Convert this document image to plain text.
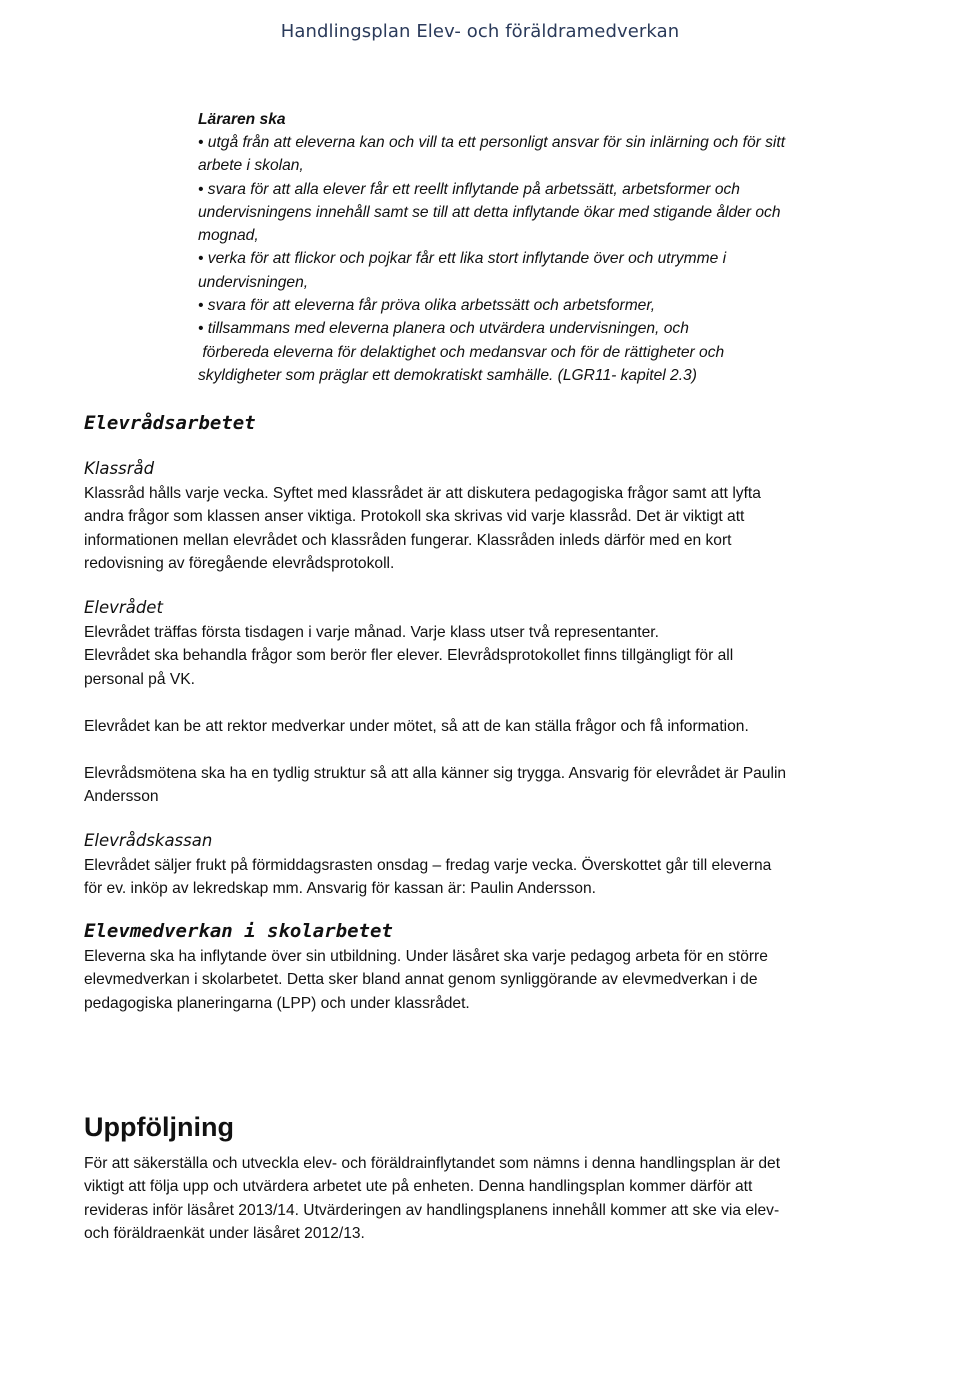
Handlingsplan Elev- och föräldramedverkan
Läraren ska
• utgå från att eleverna kan och vill ta ett personligt ansvar för sin inlärning och för sitt
arbete i skolan,
• svara för att alla elever får ett reellt inflytande på arbetssätt, arbetsformer och
undervisningens innehåll samt se till att detta inflytande ökar med stigande ålder och
mognad,
• verka för att flickor och pojkar får ett lika stort inflytande över och utrymme i
undervisningen,
• svara för att eleverna får pröva olika arbetssätt och arbetsformer,
• tillsammans med eleverna planera och utvärdera undervisningen, och
förbereda eleverna för delaktighet och medansvar och för de rättigheter och
skyldigheter som präglar ett demokratiskt samhälle. (LGR11- kapitel 2.3)
Elevrådsarbetet
Klassråd
Klassråd hålls varje vecka. Syftet med klassrådet är att diskutera pedagogiska frågor samt att lyfta
andra frågor som klassen anser viktiga. Protokoll ska skrivas vid varje klassråd. Det är viktigt att
informationen mellan elevrådet och klassråden fungerar. Klassråden inleds därför med en kort
redovisning av föregående elevrådsprotokoll.
Elevrådet
Elevrådet träffas första tisdagen i varje månad. Varje klass utser två representanter.
Elevrådet ska behandla frågor som berör fler elever. Elevrådsprotokollet finns tillgängligt för all
personal på VK.
Elevrådet kan be att rektor medverkar under mötet, så att de kan ställa frågor och få information.
Elevrådsmötena ska ha en tydlig struktur så att alla känner sig trygga. Ansvarig för elevrådet är Paulin
Andersson
Elevrådskassan
Elevrådet säljer frukt på förmiddagsrasten onsdag – fredag varje vecka. Överskottet går till eleverna
för ev. inköp av lekredskap mm. Ansvarig för kassan är: Paulin Andersson.
Elevmedverkan i skolarbetet
Eleverna ska ha inflytande över sin utbildning. Under läsåret ska varje pedagog arbeta för en större
elevmedverkan i skolarbetet. Detta sker bland annat genom synliggörande av elevmedverkan i de
pedagogiska planeringarna (LPP) och under klassrådet.
Uppföljning
För att säkerställa och utveckla elev- och föräldrainflytandet som nämns i denna handlingsplan är det
viktigt att följa upp och utvärdera arbetet ute på enheten. Denna handlingsplan kommer därför att
revideras inför läsåret 2013/14. Utvärderingen av handlingsplanens innehåll kommer att ske via elev-
och föräldraenkät under läsåret 2012/13.
